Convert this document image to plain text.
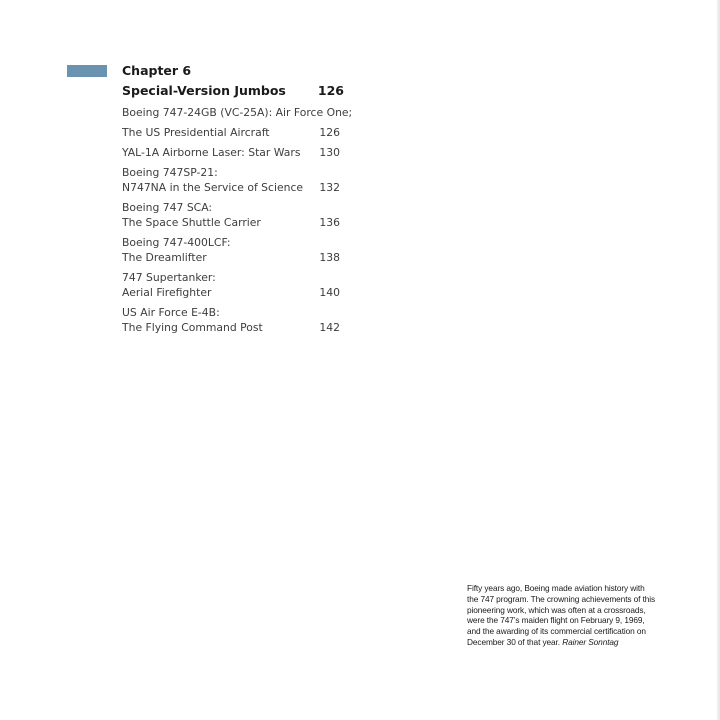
Chapter 6
Special-Version Jumbos	126
Boeing 747-24GB (VC-25A): Air Force One;
The US Presidential Aircraft	126
YAL-1A Airborne Laser: Star Wars 130
Boeing 747SP-21:
N747NA in the Service of Science 132
Boeing 747 SCA:
The Space Shuttle Carrier	136
Boeing 747-400LCF:
The Dreamlifter	138
747 Supertanker:
Aerial Firefighter	140
US Air Force E-4B:
The Flying Command Post	142
Fifty years ago, Boeing made aviation history with the 747 program. The crowning achievements of this pioneering work, which was often at a crossroads, were the 747’s maiden flight on February 9, 1969, and the awarding of its commercial certification on December 30 of that year. Rainer Sonntag
